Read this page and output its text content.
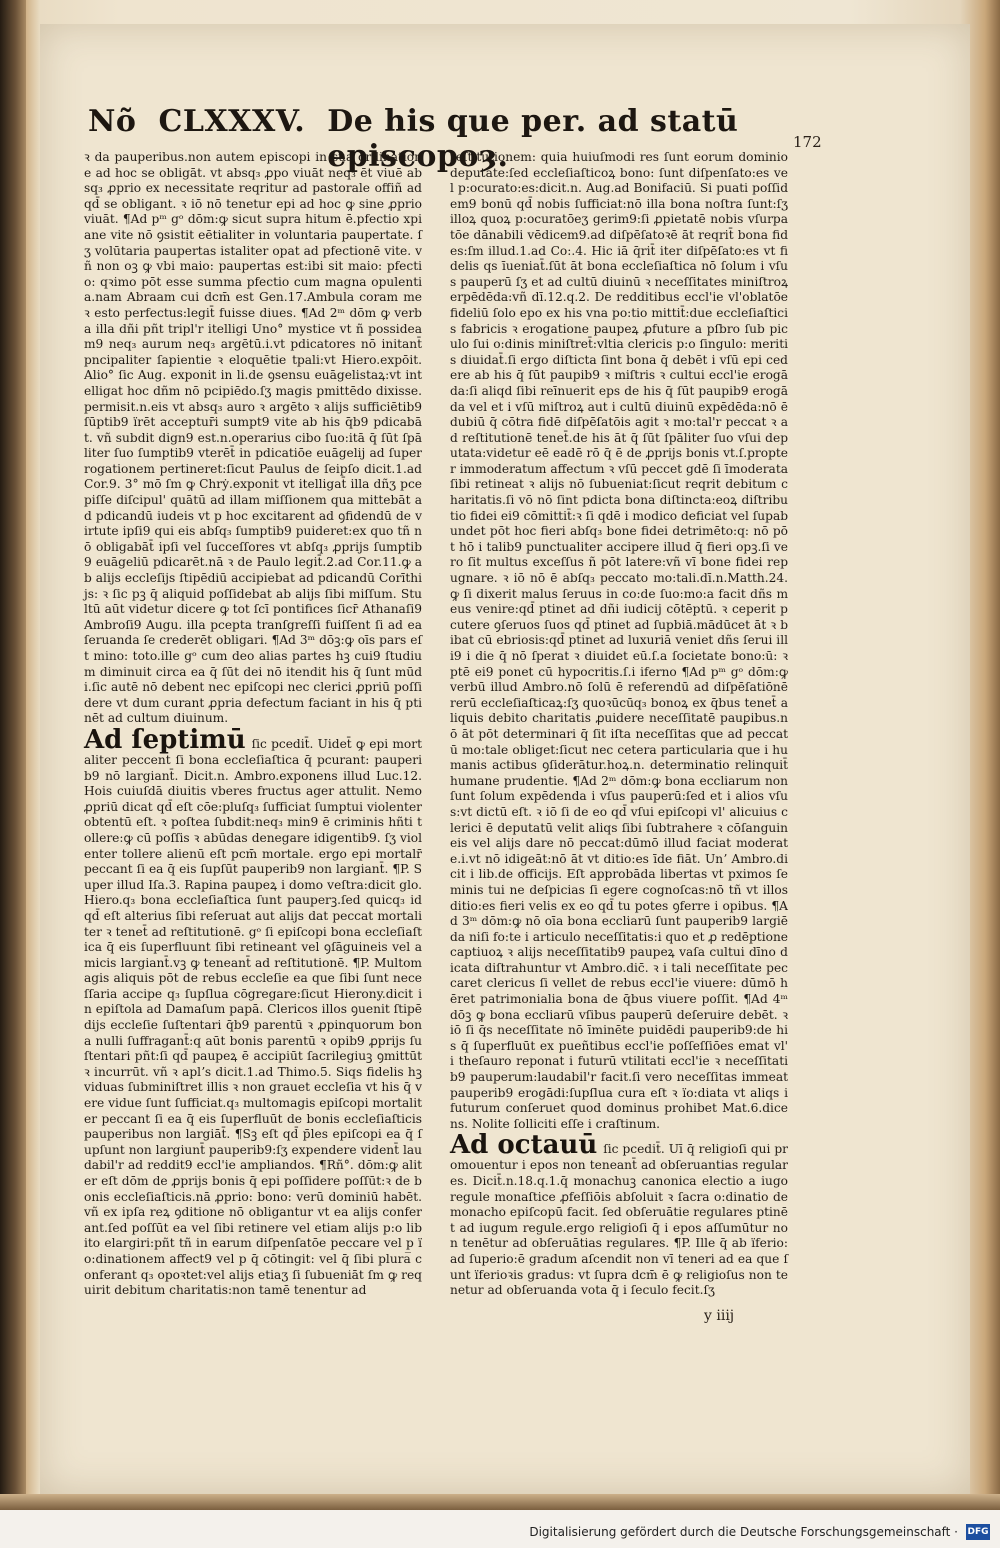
Nõ CLXXXV. De his que per. ad statū episcopoȝ.	172
ꝛ da pauperibus.non autem episcopi in sua ordinatione ad hoc se obligāt. vt absq₃ ꝓpo viuāt neq₃ ēt viuē absq₃ ꝓprio ex necessitate reqritur ad pastorale offiñ ad qd̄ se obligant. ꝛ iō nō tenetur epi ad hoc ꝙ sine ꝓprio viuāt. ¶Ad pᵐ gᵒ dōm:ꝙ sicut supra hitum ē.pfectio xpiane vite nō ꝯsistit eētialiter in voluntaria paupertate. ſʒ volūtaria paupertas istaliter opat ad pfectionē vite. vñ non oꝫ ꝙ vbi maio: paupertas est:ibi sit maio: pfectio: qꝛimo pōt esse summa pfectio cum magna opulentia.nam Abraam cui dcm̄ est Gen.17.Ambula coram me ꝛ esto perfectus:legit̄ fuisse diues. ¶Ad 2ᵐ dōm ꝙ verba illa dñi pñt tripl'r itelligi Uno° mystice vt ñ possideam9 neq₃ aurum neq₃ argētū.i.vt pdicatores nō initant̄ pncipaliter ſapientie ꝛ eloquētie tpali:vt Hiero.expōit. Alio° ſic Aug. exponit in li.de ꝯsensu euāgelistaꝝ:vt intelligat hoc dñm nō pcipiēdo.ſʒ magis pmittēdo dixisse.permisit.n.eis vt absq₃ auro ꝛ argēto ꝛ alijs sufficiētib9 ſūptib9 ïrēt acceptur̄i sumpt9 vite ab his q̄b9 pdicabāt. vñ subdit dign9 est.n.operarius cibo ſuo:itā q̄ ſūt ſpāliter ſuo ſumptib9 vterēt̄ in pdicatiōe euāgelij ad ſuperrogationem pertineret:ſicut Paulus de ſeipſo dicit.1.ad Cor.9. 3° mō ſm ꝙ Chrẏ.exponit vt itelligat̄ illa dñʒ pcepiſſe diſcipul' quātū ad illam miſſionem qua mittebāt ad pdicandū iudeis vt p hoc excitarent ad ꝯfidendū de virtute ipſi9 qui eis abſq₃ ſumptib9 puideret:ex quo tñ nō obligabāt̄ ipſi vel ſucceſſores vt abſq₃ ꝓprijs ſumptib9 euāgeliū pdicarēt.nā ꝛ de Paulo legit̄.2.ad Cor.11.ꝙ ab alijs eccleſijs ſtipēdiū accipiebat ad pdicandū Corīthijs: ꝛ ſic pꝫ q̄ aliquid poſſidebat ab alijs ſibi miſſum. Stultū aūt videtur dicere ꝙ tot ſcī pontifices ſicr̄ Athanaſi9 Ambroſi9 Augu. illa pcepta tranſgreſſi fuiſſent ſi ad ea ſeruanda ſe crederēt obligari. ¶Ad 3ᵐ dōꝫ:ꝙ oīs pars eſt mino: toto.ille gᵒ cum deo alias partes hꝫ cui9 ſtudium diminuit circa ea q̄ ſūt dei nō itendit his q̄ ſunt mūdi.ſic autē nō debent nec epiſcopi nec clerici ꝓpriū poſſidere vt dum curant ꝓpria defectum faciant in his q̄ ptinēt ad cultum diuinum.
Ad ſeptimū ſic pcedit̄. Uidet̄ ꝙ epi mortaliter peccent ſi bona eccleſiaſtica q̄ pcurant: pauperib9 nō largiant̄. Dicit.n. Ambro.exponens illud Luc.12. Hois cuiuſdā diuitis vberes fructus ager attulit. Nemo ꝓpriū dicat qd̄ eſt cōe:pluſq₃ ſufficiat ſumptui violenter obtentū eſt. ꝛ poſtea ſubdit:neq₃ min9 ē criminis hñti tollere:ꝙ cū poſſis ꝛ abūdas denegare idigentib9. ſʒ violenter tollere alienū eſt pcm̄ mortale. ergo epi mortalr̄ peccant ſi ea q̄ eis ſupſūt pauperib9 non largiant̄. ¶P. Super illud Iſa.3. Rapina paupeꝝ i domo veſtra:dicit glo. Hiero.q₃ bona eccleſiaſtica ſunt pauperꝫ.ſed quicq₃ id qd̄ eſt alterius ſibi reſeruat aut alijs dat peccat mortaliter ꝛ tenet̄ ad reſtitutionē. gᵒ ſi epiſcopi bona eccleſiaſtica q̄ eis ſuperfluunt ſibi retineant vel ꝯſāguineis vel amicis largiant̄.vꝫ ꝙ teneant̄ ad reſtitutionē. ¶P. Multomagis aliquis pōt de rebus eccleſie ea que ſibi ſunt neceſſaria accipe q₃ ſupſlua cōgregare:ſicut Hierony.dicit in epiſtola ad Damaſum papā. Clericos illos ꝯuenit ſtipēdijs eccleſie ſuſtentari q̄b9 parentū ꝛ ꝓpinquorum bona nulli ſuffragant̄:q aūt bonis parentū ꝛ opib9 ꝓprijs ſuſtentari pñt:ſi qd̄ paupeꝝ ē accipiūt ſacrilegiuꝫ ꝯmittūt ꝛ incurrūt. vñ ꝛ aplʼs dicit.1.ad Thimo.5. Siqs fidelis hꝫ viduas ſubminiſtret illis ꝛ non grauet eccleſia vt his q̄ vere vidue ſunt ſufficiat.q₃ multomagis epiſcopi mortaliter peccant ſi ea q̄ eis ſuperfluūt de bonis eccleſiaſticis pauperibus non largiāt̄. ¶Sꝫ eſt qd̄ p̄les epiſcopi ea q̄ ſupſunt non largiunt̄ pauperib9:ſʒ expendere vident̄ laudabil'r ad reddit9 eccl'ie ampliandos. ¶Rñ°. dōm:ꝙ aliter eſt dōm de ꝓprijs bonis q̄ epi poſſidere poſſūt:ꝛ de bonis eccleſiaſticis.nā ꝓprio: bono: verū dominiū habēt.vñ ex ipſa reꝝ ꝯditione nō obligantur vt ea alijs conferant.ſed poſſūt ea vel ſibi retinere vel etiam alijs p:o libito elargiri:pñt tñ in earum diſpenſatōe peccare vel p̲ ïo:dinationem affect9 vel p q̄ cōtingit: vel q̄ ſibi plura conferant q₃ opoꝛtet:vel alijs etiaʒ ſi ſubueniāt ſm ꝙ requirit debitum charitatis:non tamē tenentur ad
reſtitutionem: quia huiuſmodi res ſunt eorum dominio deputate:ſed eccleſiaſticoꝝ bono: ſunt diſpenſato:es vel p:ocurato:es:dicit.n. Aug.ad Bonifaciū. Si puati poſſidem9 bonū qd̄ nobis ſufficiat:nō illa bona noſtra ſunt:ſʒ illoꝝ quoꝝ p:ocuratōeʒ gerim9:ſi ꝓpietatē nobis vſurpatōe dānabili vēdicem9.ad diſpēſatoꝛē āt reqrit̄ bona fides:ſm illud.1.ad Co:.4. Hic iā q̄rit̄ iter diſpēſato:es vt fidelis qs īueniat̄.ſūt āt bona eccleſiaſtica nō ſolum i vſus pauperū ſʒ et ad cultū diuinū ꝛ neceſſitates miniſtroꝝ erpēdēda:vñ dī.12.q.2. De redditibus eccl'ie vl'oblatōe fideliū ſolo epo ex his vna po:tio mittit̄:due eccleſiaſticis fabricis ꝛ erogatione paupeꝝ ꝓfuture a pſbro ſub piculo ſui o:dinis miniſtret̄:vltia clericis p:o ſingulo: meritis diuidat̄.ſi ergo diſticta ſint bona q̄ debēt i vſū epi cedere ab his q̄ ſūt paupib9 ꝛ miſtris ꝛ cultui eccl'ie erogāda:ſi aliqd ſibi reīnuerit eps de his q̄ ſūt paupib9 erogāda vel et i vſū miſtroꝝ aut i cultū diuinū expēdēda:nō ē dubiū q̄ cōtra fidē diſpēſatōis agit ꝛ mo:tal'r peccat ꝛ ad reſtitutionē tenet̄.de his āt q̄ ſūt ſpāliter ſuo vſui deputata:videtur eē eadē rō q̄ ē de ꝓprijs bonis vt.ſ.propter immoderatum affectum ꝛ vſū peccet gdē ſi īmoderata ſibi retineat ꝛ alijs nō ſubueniat:ſicut reqrit debitum charitatis.ſi vō nō ſint pdicta bona diſtincta:eoꝝ diſtributio fidei ei9 cōmittit̄:ꝛ ſi qdē i modico deficiat vel ſupabundet pōt hoc fieri abſq₃ bone fidei detrimēto:q: nō pōt hō i talib9 punctualiter accipere illud q̄ fieri opꝫ.ſi vero ſit multus exceſſus ñ pōt latere:vñ vī bone fidei repugnare. ꝛ iō nō ē abſq₃ peccato mo:tali.dī.n.Matth.24.ꝙ ſi dixerit malus ſeruus in co:de ſuo:mo:a facit dñs meus venire:qd̄ ptinet ad dñi iudicij cōtēptū. ꝛ ceperit pcutere ꝯſeruos ſuos qd̄ ptinet ad ſupbiā.mādūcet āt ꝛ bibat cū ebriosis:qd̄ ptinet ad luxuriā veniet dñs ſerui illi9 i die q̄ nō ſperat ꝛ diuidet eū.ſ.a ſocietate bono:ū: ꝛ ptē ei9 ponet cū hypocritis.ſ.i iferno ¶Ad pᵐ gᵒ dōm:ꝙ verbū illud Ambro.nō ſolū ē referendū ad diſpēſatiōnē rerū eccleſiaſticaꝝ:ſʒ quoꝛūcūq₃ bonoꝝ ex q̄bus tenet̄ aliquis debito charitatis ꝓuidere neceſſitatē pauꝑibus.nō āt pōt determinari q̄ ſit iſta neceſſitas que ad peccatū mo:tale obliget:ſicut nec cetera particularia que i humanis actibus ꝯſiderātur.hoꝝ.n. determinatio relinquit̄ humane prudentie. ¶Ad 2ᵐ dōm:ꝙ bona eccliarum non ſunt ſolum expēdenda i vſus pauperū:ſed et i alios vſus:vt dictū eſt. ꝛ iō ſi de eo qd̄ vſui epiſcopi vl' alicuius clerici ē deputatū velit aliqs ſibi ſubtrahere ꝛ cōſanguineis vel alijs dare nō peccat:dūmō illud faciat moderate.i.vt nō idigeāt:nō āt vt ditio:es īde fiāt. Unʼ Ambro.dicit i lib.de officijs. Eſt approbāda libertas vt pximos ſeminis tui ne deſpicias ſi egere cognoſcas:nō tñ vt illos ditio:es fieri velis ex eo qd̄ tu potes ꝯferre i opibus. ¶Ad 3ᵐ dōm:ꝙ nō oīa bona eccliarū ſunt pauperib9 largiēda niſi fo:te i articulo neceſſitatis:i quo et ꝓ redēptione captiuoꝝ ꝛ alijs neceſſitatib9 paupeꝝ vaſa cultui dīno dicata diſtrahuntur vt Ambro.dic̄. ꝛ i tali neceſſitate peccaret clericus ſi vellet de rebus eccl'ie viuere: dūmō hēret patrimonialia bona de q̄bus viuere poſſit. ¶Ad 4ᵐ dōꝫ ꝙ bona eccliarū vſibus pauperū deſeruire debēt. ꝛ iō ſi q̄s neceſſitate nō īminēte puidēdi pauperib9:de his q̄ ſuperfluūt ex pueñtibus eccl'ie poſſeſſiōes emat vl' i theſauro reponat i futurū vtilitati eccl'ie ꝛ neceſſitatib9 pauperum:laudabil'r facit.ſi vero neceſſitas immeat pauperib9 erogādi:ſupſlua cura eſt ꝛ ïo:diata vt aliqs i futurum conſeruet quod dominus prohibet Mat.6.dicens. Nolite ſolliciti eſſe i craſtinum.
Ad octauū ſic pcedit̄. Uī q̄ religioſi qui promouentur i epos non teneant̄ ad obſeruantias regulares. Dicit̄.n.18.q.1.q̄ monachuꝫ canonica electio a iugo regule monaſtice ꝓfeſſiōis abſoluit ꝛ ſacra o:dinatio de monacho epiſcopū facit. ſed obſeruātie regulares ptinēt ad iugum regule.ergo religioſi q̄ i epos aſſumūtur non tenētur ad obſeruātias regulares. ¶P. Ille q̄ ab ïferio: ad ſuperio:ē gradum aſcendit non vī teneri ad ea que ſunt ïferioꝛis gradus: vt ſupra dcm̄ ē ꝙ religioſus non tenetur ad obſeruanda vota q̄ i ſeculo fecit.ſʒ
y iiij
Digitalisierung gefördert durch die Deutsche Forschungsgemeinschaft · DFG
